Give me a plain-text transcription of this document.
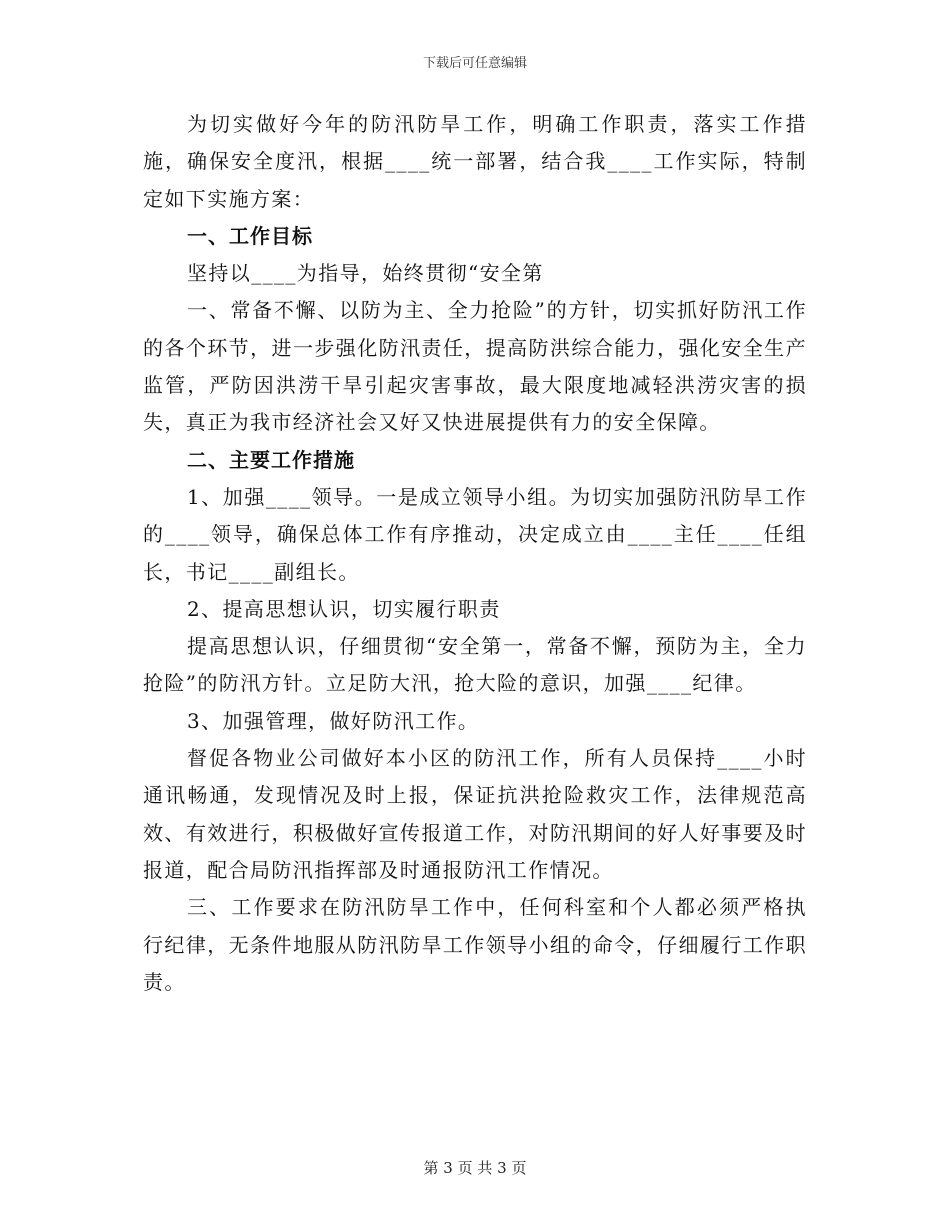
下载后可任意编辑

为切实做好今年的防汛防旱工作，明确工作职责，落实工作措施，确保安全度汛，根据____统一部署，结合我____工作实际，特制定如下实施方案：

一、工作目标

坚持以____为指导，始终贯彻“安全第

一、常备不懈、以防为主、全力抢险”的方针，切实抓好防汛工作的各个环节，进一步强化防汛责任，提高防洪综合能力，强化安全生产监管，严防因洪涝干旱引起灾害事故，最大限度地减轻洪涝灾害的损失，真正为我市经济社会又好又快进展提供有力的安全保障。

二、主要工作措施

1、加强____领导。一是成立领导小组。为切实加强防汛防旱工作的____领导，确保总体工作有序推动，决定成立由____主任____任组长，书记____副组长。

2、提高思想认识，切实履行职责

提高思想认识，仔细贯彻“安全第一，常备不懈，预防为主，全力抢险”的防汛方针。立足防大汛，抢大险的意识，加强____纪律。

3、加强管理，做好防汛工作。

督促各物业公司做好本小区的防汛工作，所有人员保持____小时通讯畅通，发现情况及时上报，保证抗洪抢险救灾工作，法律规范高效、有效进行，积极做好宣传报道工作，对防汛期间的好人好事要及时报道，配合局防汛指挥部及时通报防汛工作情况。

三、工作要求在防汛防旱工作中，任何科室和个人都必须严格执行纪律，无条件地服从防汛防旱工作领导小组的命令，仔细履行工作职责。

第 3 页 共 3 页
